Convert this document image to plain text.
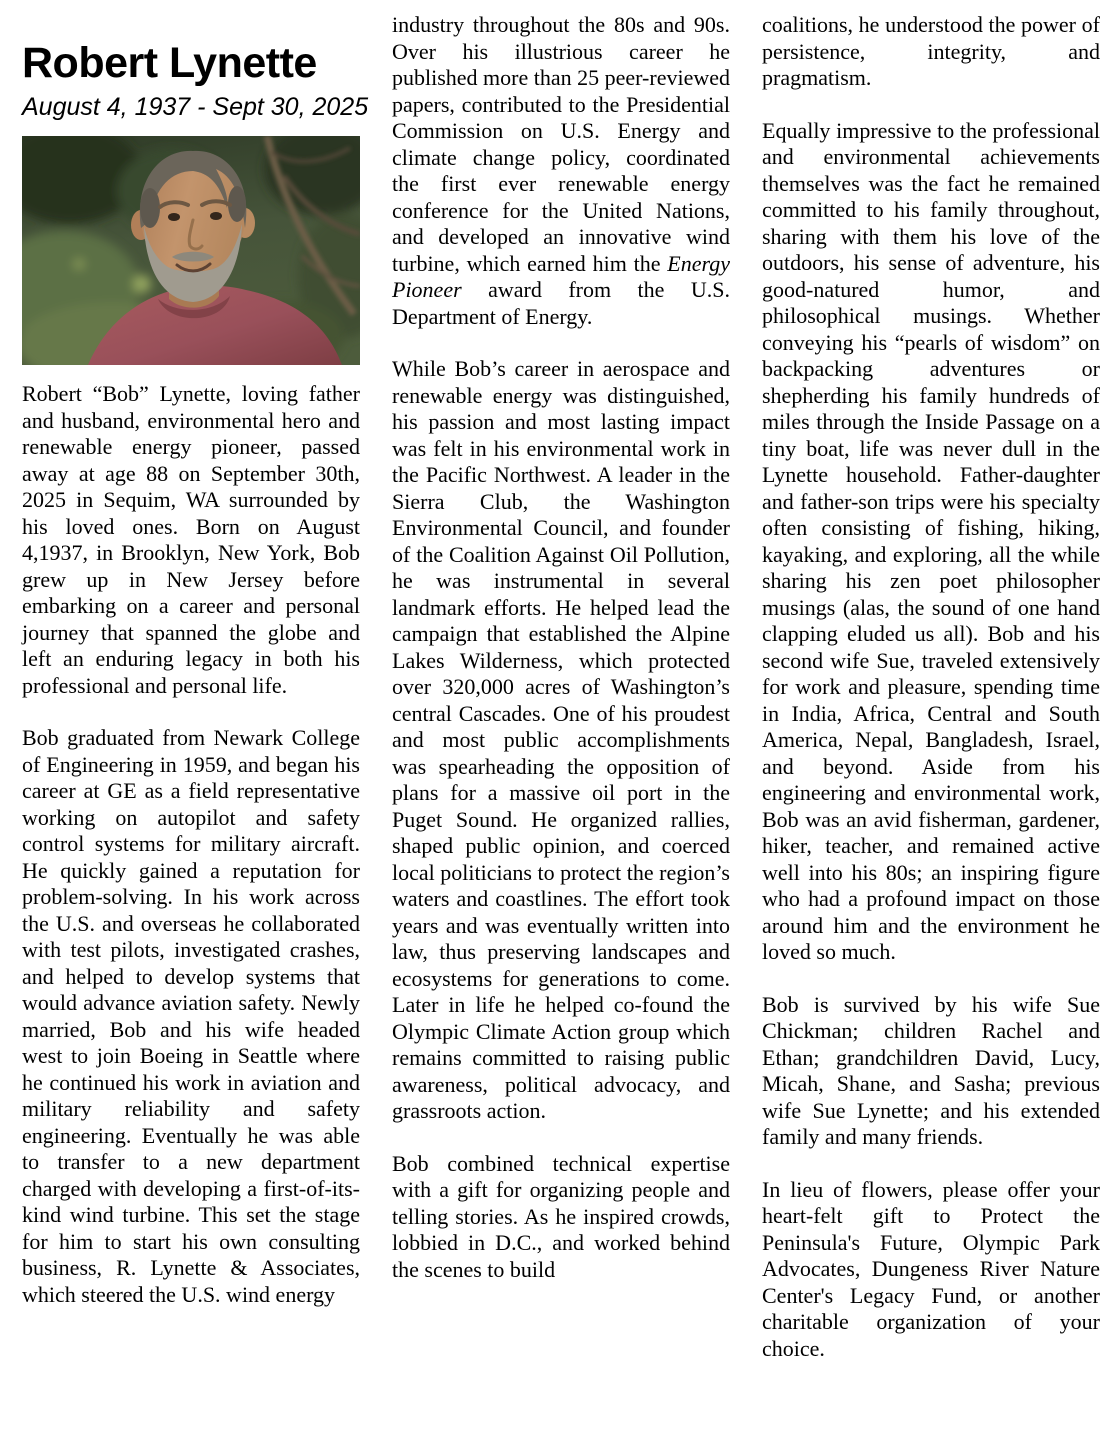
Robert Lynette
August 4, 1937 - Sept 30, 2025

Robert “Bob” Lynette, loving father and husband, environmental hero and renewable energy pioneer, passed away at age 88 on September 30th, 2025 in Sequim, WA surrounded by his loved ones. Born on August 4,1937, in Brooklyn, New York, Bob grew up in New Jersey before embarking on a career and personal journey that spanned the globe and left an enduring legacy in both his professional and personal life.

Bob graduated from Newark College of Engineering in 1959, and began his career at GE as a field representative working on autopilot and safety control systems for military aircraft. He quickly gained a reputation for problem-solving. In his work across the U.S. and overseas he collaborated with test pilots, investigated crashes, and helped to develop systems that would advance aviation safety. Newly married, Bob and his wife headed west to join Boeing in Seattle where he continued his work in aviation and military reliability and safety engineering. Eventually he was able to transfer to a new department charged with developing a first-of-its-kind wind turbine. This set the stage for him to start his own consulting business, R. Lynette & Associates, which steered the U.S. wind energy

industry throughout the 80s and 90s. Over his illustrious career he published more than 25 peer-reviewed papers, contributed to the Presidential Commission on U.S. Energy and climate change policy, coordinated the first ever renewable energy conference for the United Nations, and developed an innovative wind turbine, which earned him the Energy Pioneer award from the U.S. Department of Energy.

While Bob’s career in aerospace and renewable energy was distinguished, his passion and most lasting impact was felt in his environmental work in the Pacific Northwest. A leader in the Sierra Club, the Washington Environmental Council, and founder of the Coalition Against Oil Pollution, he was instrumental in several landmark efforts. He helped lead the campaign that established the Alpine Lakes Wilderness, which protected over 320,000 acres of Washington’s central Cascades. One of his proudest and most public accomplishments was spearheading the opposition of plans for a massive oil port in the Puget Sound. He organized rallies, shaped public opinion, and coerced local politicians to protect the region’s waters and coastlines. The effort took years and was eventually written into law, thus preserving landscapes and ecosystems for generations to come. Later in life he helped co-found the Olympic Climate Action group which remains committed to raising public awareness, political advocacy, and grassroots action.

Bob combined technical expertise with a gift for organizing people and telling stories. As he inspired crowds, lobbied in D.C., and worked behind the scenes to build

coalitions, he understood the power of persistence, integrity, and pragmatism.

Equally impressive to the professional and environmental achievements themselves was the fact he remained committed to his family throughout, sharing with them his love of the outdoors, his sense of adventure, his good-natured humor, and philosophical musings. Whether conveying his “pearls of wisdom” on backpacking adventures or shepherding his family hundreds of miles through the Inside Passage on a tiny boat, life was never dull in the Lynette household. Father-daughter and father-son trips were his specialty often consisting of fishing, hiking, kayaking, and exploring, all the while sharing his zen poet philosopher musings (alas, the sound of one hand clapping eluded us all). Bob and his second wife Sue, traveled extensively for work and pleasure, spending time in India, Africa, Central and South America, Nepal, Bangladesh, Israel, and beyond. Aside from his engineering and environmental work, Bob was an avid fisherman, gardener, hiker, teacher, and remained active well into his 80s; an inspiring figure who had a profound impact on those around him and the environment he loved so much.

Bob is survived by his wife Sue Chickman; children Rachel and Ethan; grandchildren David, Lucy, Micah, Shane, and Sasha; previous wife Sue Lynette; and his extended family and many friends.

In lieu of flowers, please offer your heart-felt gift to Protect the Peninsula's Future, Olympic Park Advocates, Dungeness River Nature Center's Legacy Fund, or another charitable organization of your choice.
